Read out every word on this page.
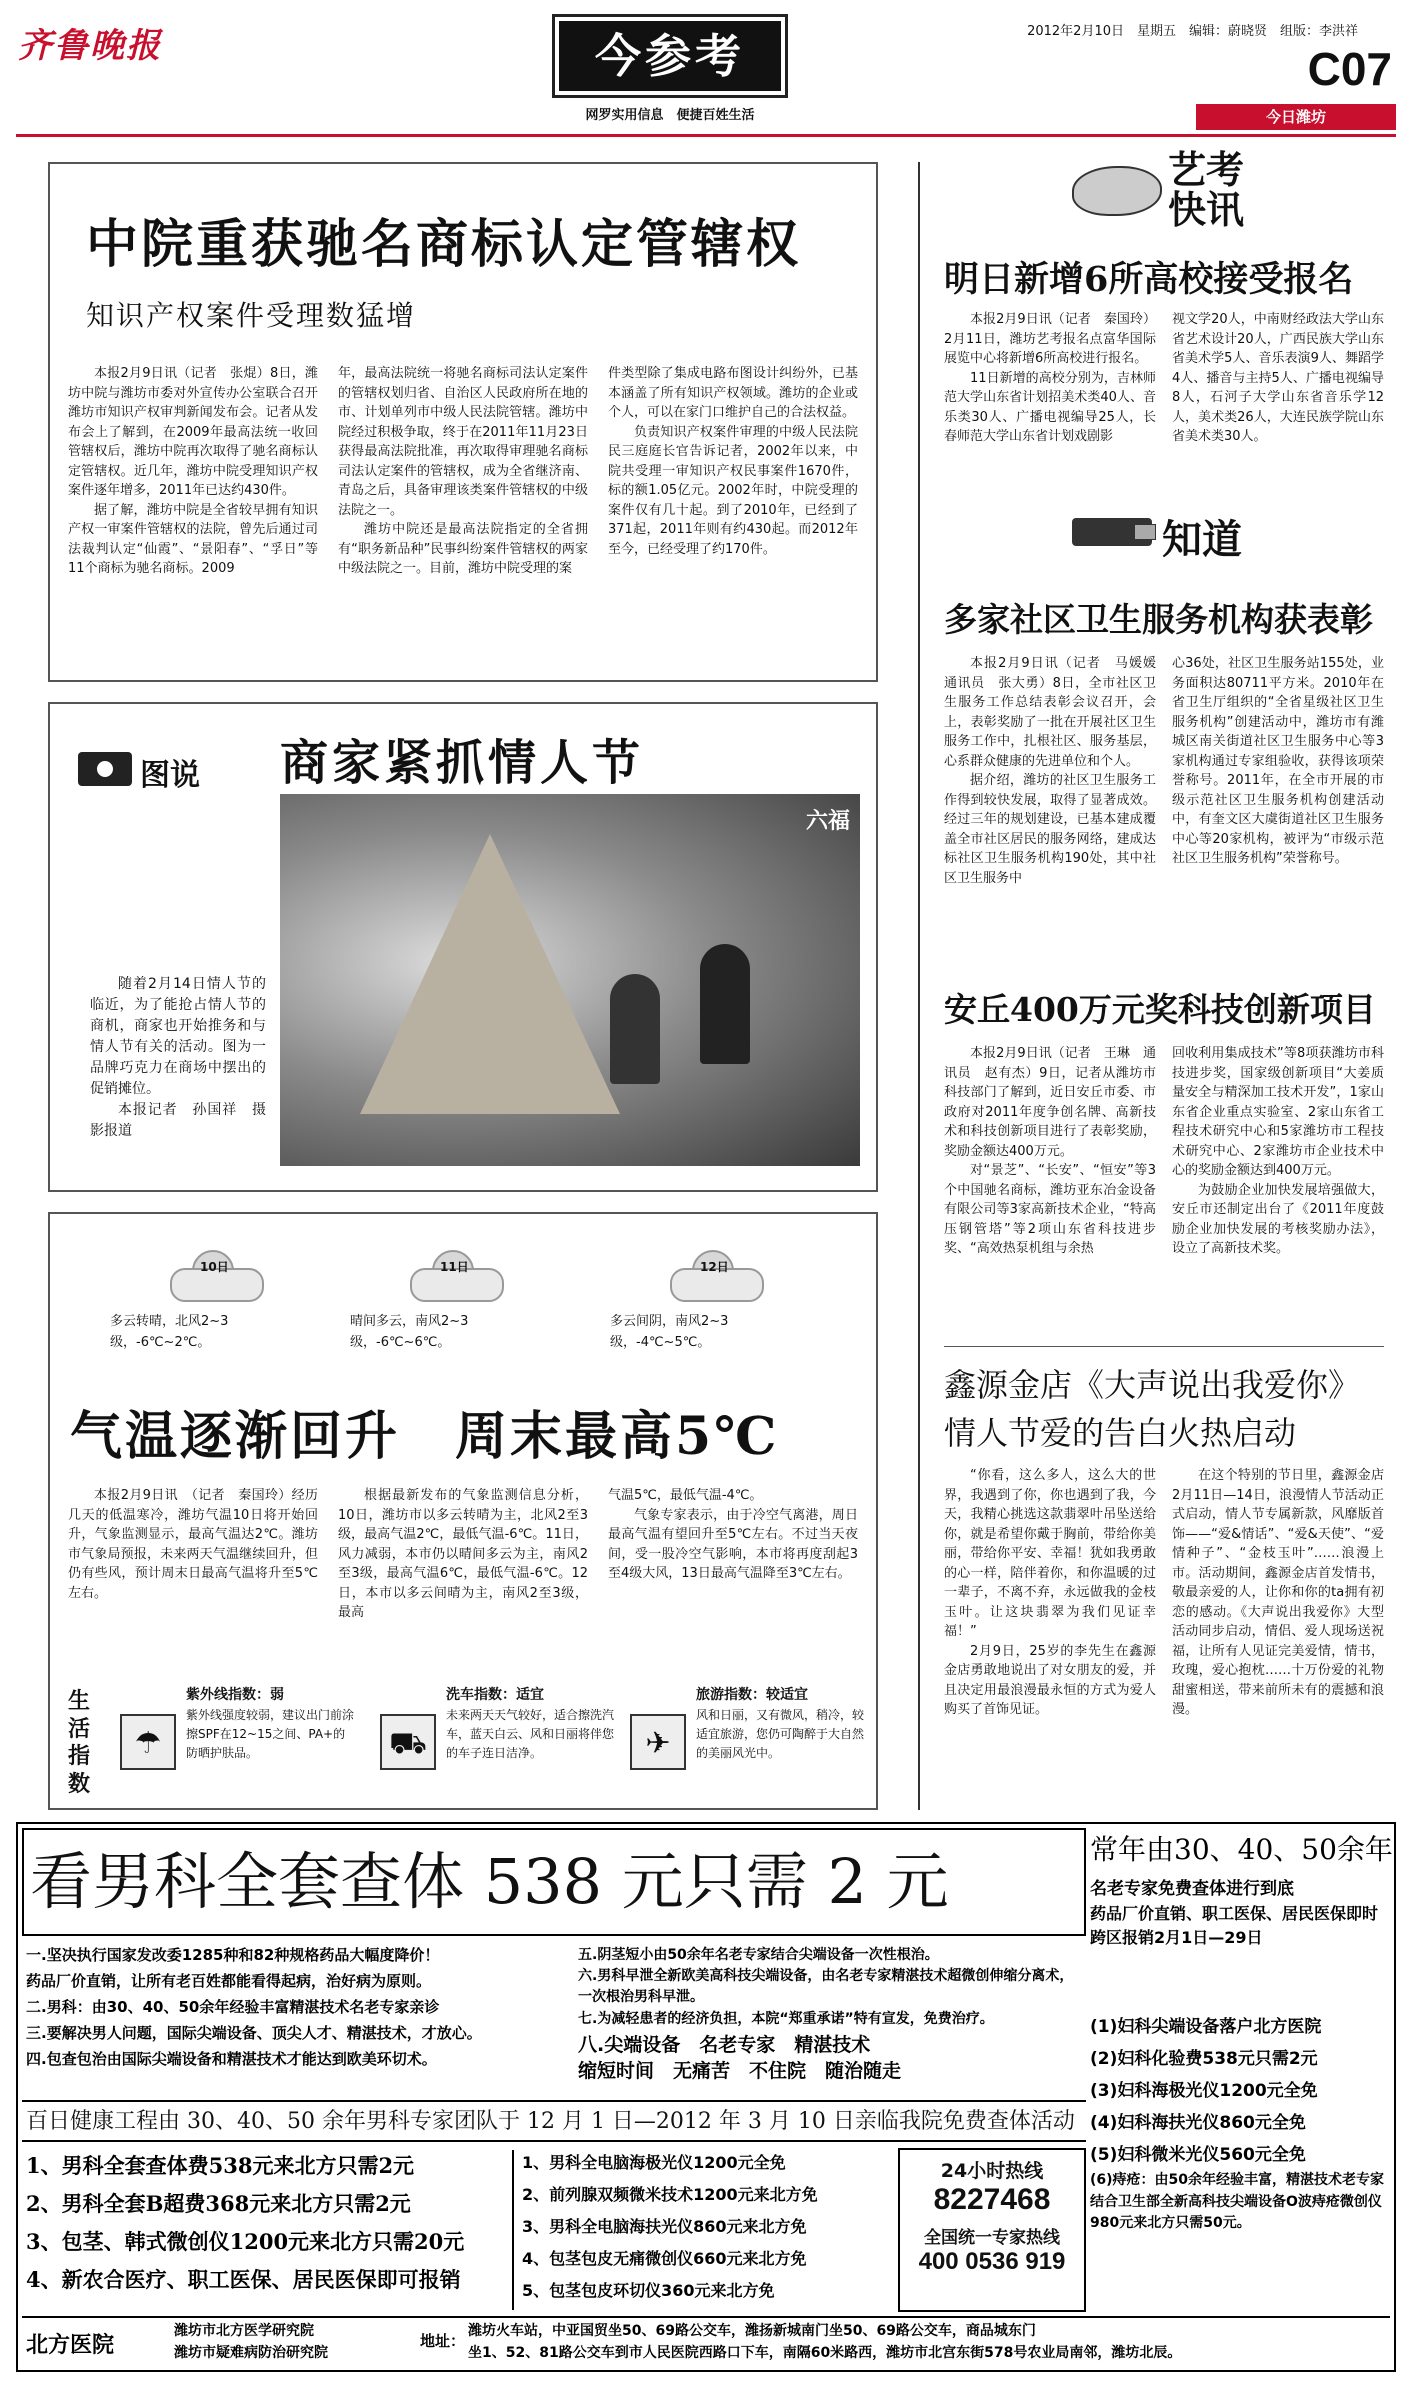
齐鲁晚报	今参考
网罗实用信息　便捷百姓生活
2012年2月10日　星期五　编辑：蔚晓贤　组版：李洪祥
C07
今日潍坊
中院重获驰名商标认定管辖权
知识产权案件受理数猛增

本报2月9日讯（记者　张焜）8日，潍坊中院与潍坊市委对外宣传办公室联合召开潍坊市知识产权审判新闻发布会。记者从发布会上了解到，在2009年最高法统一收回管辖权后，潍坊中院再次取得了驰名商标认定管辖权。近几年，潍坊中院受理知识产权案件逐年增多，2011年已达约430件。

据了解，潍坊中院是全省较早拥有知识产权一审案件管辖权的法院，曾先后通过司法裁判认定“仙霞”、“景阳春”、“孚日”等11个商标为驰名商标。2009

年，最高法院统一将驰名商标司法认定案件的管辖权划归省、自治区人民政府所在地的市、计划单列市中级人民法院管辖。潍坊中院经过积极争取，终于在2011年11月23日获得最高法院批准，再次取得审理驰名商标司法认定案件的管辖权，成为全省继济南、青岛之后，具备审理该类案件管辖权的中级法院之一。

潍坊中院还是最高法院指定的全省拥有“职务新品种”民事纠纷案件管辖权的两家中级法院之一。目前，潍坊中院受理的案

件类型除了集成电路布图设计纠纷外，已基本涵盖了所有知识产权领域。潍坊的企业或个人，可以在家门口维护自己的合法权益。

负责知识产权案件审理的中级人民法院民三庭庭长官告诉记者，2002年以来，中院共受理一审知识产权民事案件1670件，标的额1.05亿元。2002年时，中院受理的案件仅有几十起。到了2010年，已经到了371起，2011年则有约430起。而2012年至今，已经受理了约170件。

图说 商家紧抓情人节
六福

随着2月14日情人节的临近，为了能抢占情人节的商机，商家也开始推务和与情人节有关的活动。图为一品牌巧克力在商场中摆出的促销摊位。

本报记者　孙国祥　摄影报道

10日
多云转晴，北风2~3级，-6℃~2℃。
11日
晴间多云，南风2~3级，-6℃~6℃。
12日
多云间阴，南风2~3级，-4℃~5℃。
气温逐渐回升　周末最高5℃

本报2月9日讯　（记者　秦国玲）经历几天的低温寒冷，潍坊气温10日将开始回升，气象监测显示，最高气温达2℃。潍坊市气象局预报，未来两天气温继续回升，但仍有些风，预计周末日最高气温将升至5℃左右。

根据最新发布的气象监测信息分析，10日，潍坊市以多云转晴为主，北风2至3级，最高气温2℃，最低气温-6℃。11日，风力减弱，本市仍以晴间多云为主，南风2至3级，最高气温6℃，最低气温-6℃。12日，本市以多云间晴为主，南风2至3级，最高

气温5℃，最低气温-4℃。

气象专家表示，由于冷空气离港，周日最高气温有望回升至5℃左右。不过当天夜间，受一股冷空气影响，本市将再度刮起3至4级大风，13日最高气温降至3℃左右。

生活指数
☂
紫外线指数：弱
紫外线强度较弱，建议出门前涂擦SPF在12~15之间、PA+的防晒护肤品。	⛟
洗车指数：适宜
未来两天天气较好，适合擦洗汽车，蓝天白云、风和日丽将伴您的车子连日洁净。	✈
旅游指数：较适宜
风和日丽，又有微风，稍冷，较适宜旅游，您仍可陶醉于大自然的美丽风光中。
艺考快讯
明日新增6所高校接受报名

本报2月9日讯（记者　秦国玲）2月11日，潍坊艺考报名点富华国际展览中心将新增6所高校进行报名。

11日新增的高校分别为，吉林师范大学山东省计划招美术类40人、音乐类30人、广播电视编导25人，长春师范大学山东省计划戏剧影

视文学20人，中南财经政法大学山东省艺术设计20人，广西民族大学山东省美术学5人、音乐表演9人、舞蹈学4人、播音与主持5人、广播电视编导8人，石河子大学山东省音乐学12人，美术类26人，大连民族学院山东省美术类30人。

知道
多家社区卫生服务机构获表彰

本报2月9日讯（记者　马媛媛　通讯员　张大勇）8日，全市社区卫生服务工作总结表彰会议召开，会上，表彰奖励了一批在开展社区卫生服务工作中，扎根社区、服务基层，心系群众健康的先进单位和个人。

据介绍，潍坊的社区卫生服务工作得到较快发展，取得了显著成效。经过三年的规划建设，已基本建成覆盖全市社区居民的服务网络，建成达标社区卫生服务机构190处，其中社区卫生服务中

心36处，社区卫生服务站155处，业务面积达80711平方米。2010年在省卫生厅组织的“全省星级社区卫生服务机构”创建活动中，潍坊市有潍城区南关街道社区卫生服务中心等3家机构通过专家组验收，获得该项荣誉称号。2011年，在全市开展的市级示范社区卫生服务机构创建活动中，有奎文区大虞街道社区卫生服务中心等20家机构，被评为“市级示范社区卫生服务机构”荣誉称号。

安丘400万元奖科技创新项目

本报2月9日讯（记者　王琳　通讯员　赵有杰）9日，记者从潍坊市科技部门了解到，近日安丘市委、市政府对2011年度争创名牌、高新技术和科技创新项目进行了表彰奖励，奖励金额达400万元。

对“景芝”、“长安”、“恒安”等3个中国驰名商标，潍坊亚东冶金设备有限公司等3家高新技术企业，“特高压钢管塔”等2项山东省科技进步奖、“高效热泵机组与余热

回收利用集成技术”等8项获潍坊市科技进步奖，国家级创新项目“大姜质量安全与精深加工技术开发”，1家山东省企业重点实验室、2家山东省工程技术研究中心和5家潍坊市工程技术研究中心、2家潍坊市企业技术中心的奖励金额达到400万元。

为鼓励企业加快发展培强做大，安丘市还制定出台了《2011年度鼓励企业加快发展的考核奖励办法》，设立了高新技术奖。

鑫源金店《大声说出我爱你》
情人节爱的告白火热启动

“你看，这么多人，这么大的世界，我遇到了你，你也遇到了我，今天，我精心挑选这款翡翠叶吊坠送给你，就是希望你戴于胸前，带给你美丽，带给你平安、幸福！犹如我勇敢的心一样，陪伴着你，和你温暖的过一辈子，不离不弃，永远做我的金枝玉叶。让这块翡翠为我们见证幸福！”

2月9日，25岁的李先生在鑫源金店勇敢地说出了对女朋友的爱，并且决定用最浪漫最永恒的方式为爱人购买了首饰见证。

在这个特别的节日里，鑫源金店2月11日—14日，浪漫情人节活动正式启动，情人节专属新款，风靡版首饰——“爱&情话”、“爱&天使”、“爱情种子”、“金枝玉叶”……浪漫上市。活动期间，鑫源金店首发情书，敬最亲爱的人，让你和你的ta拥有初恋的感动。《大声说出我爱你》大型活动同步启动，情侣、爱人现场送祝福，让所有人见证完美爱情，情书，玫瑰，爱心抱枕……十万份爱的礼物甜蜜相送，带来前所未有的震撼和浪漫。

看男科全套查体 538 元只需 2 元	常年由30、40、50余年
名老专家免费查体进行到底
药品厂价直销、职工医保、居民医保即时跨区报销2月1日—29日
一.坚决执行国家发改委1285种和82种规格药品大幅度降价！
药品厂价直销，让所有老百姓都能看得起病，治好病为原则。
二.男科：由30、40、50余年经验丰富精湛技术名老专家亲诊
三.要解决男人问题，国际尖端设备、顶尖人才、精湛技术，才放心。
四.包查包治由国际尖端设备和精湛技术才能达到欧美环切术。
五.阴茎短小由50余年名老专家结合尖端设备一次性根治。
六.男科早泄全新欧美高科技尖端设备，由名老专家精湛技术超微创伸缩分离术，一次根治男科早泄。
七.为减轻患者的经济负担，本院“郑重承诺”特有宣发，免费治疗。
八.尖端设备　名老专家　精湛技术
缩短时间　无痛苦　不住院　随治随走
(1)妇科尖端设备落户北方医院
(2)妇科化验费538元只需2元
(3)妇科海极光仪1200元全免
(4)妇科海扶光仪860元全免
(5)妇科微米光仪560元全免
(6)痔疮：由50余年经验丰富，精湛技术老专家结合卫生部全新高科技尖端设备O波痔疮微创仪980元来北方只需50元。
百日健康工程由 30、40、50 余年男科专家团队于 12 月 1 日—2012 年 3 月 10 日亲临我院免费查体活动
1、男科全套查体费538元来北方只需2元
2、男科全套B超费368元来北方只需2元
3、包茎、韩式微创仪1200元来北方只需20元
4、新农合医疗、职工医保、居民医保即可报销
1、男科全电脑海极光仪1200元全免
2、前列腺双频微米技术1200元来北方免
3、男科全电脑海扶光仪860元来北方免
4、包茎包皮无痛微创仪660元来北方免
5、包茎包皮环切仪360元来北方免
24小时热线
8227468
全国统一专家热线
400 0536 919
北方医院
潍坊市北方医学研究院
潍坊市疑难病防治研究院
地址：
潍坊火车站，中亚国贸坐50、69路公交车，潍扬新城南门坐50、69路公交车，商品城东门
坐1、52、81路公交车到市人民医院西路口下车，南隔60米路西，潍坊市北宫东街578号农业局南邻，潍坊北辰。
